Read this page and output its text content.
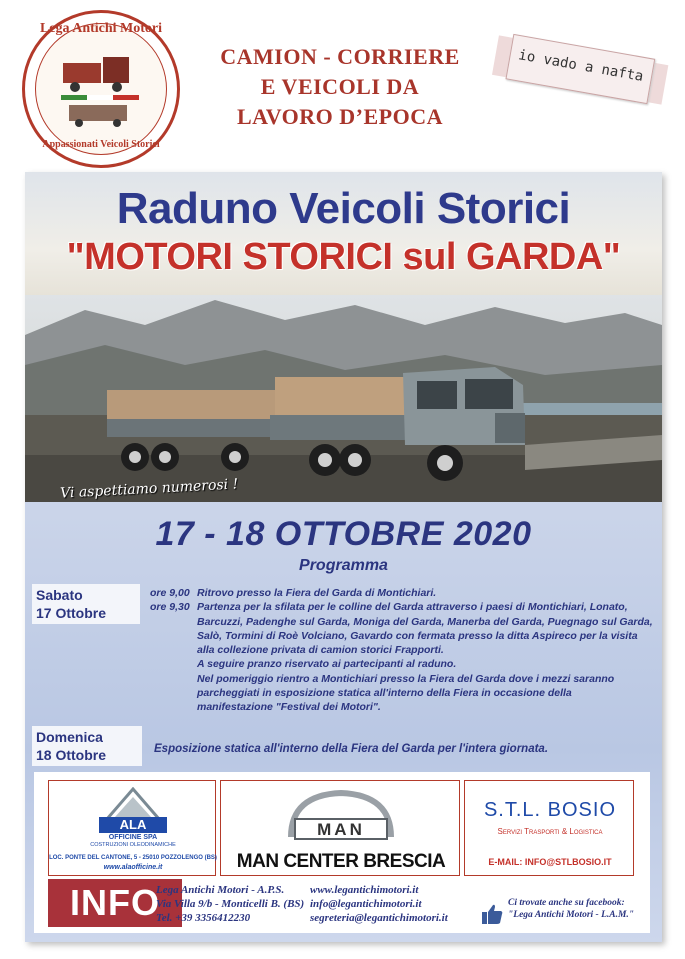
Lega Antichi Motori
Appassionati Veicoli Storici
CAMION - CORRIERE
E VEICOLI DA
LAVORO D’EPOCA
io vado a nafta
Raduno Veicoli Storici
"MOTORI STORICI sul GARDA"
Vi aspettiamo numerosi !
17 - 18 OTTOBRE 2020
Programma
Sabato
17 Ottobre
ore 9,00
ore 9,30
Ritrovo presso la Fiera del Garda di Montichiari.
Partenza per la sfilata per le colline del Garda attraverso i paesi di Montichiari, Lonato,
Barcuzzi, Padenghe sul Garda, Moniga del Garda, Manerba del Garda, Puegnago sul Garda,
Salò, Tormini di Roè Volciano, Gavardo con fermata presso la ditta Aspireco per la visita
alla collezione privata di camion storici Frapporti.
A seguire pranzo riservato ai partecipanti al raduno.
Nel pomeriggio rientro a Montichiari presso la Fiera del Garda dove i mezzi saranno
parcheggiati in esposizione statica all'interno della Fiera in occasione della
manifestazione "Festival dei Motori".
Domenica
18 Ottobre	Esposizione statica all'interno della Fiera del Garda per l'intera giornata.
ALA
OFFICINE SPA
COSTRUZIONI OLEODINAMICHE
LOC. PONTE DEL CANTONE, 5 - 25010 POZZOLENGO (BS)
www.alaofficine.it
MAN
MAN CENTER BRESCIA
S.T.L. BOSIO
Servizi Trasporti & Logistica
E-MAIL: INFO@STLBOSIO.IT
INFO
Lega Antichi Motori - A.P.S.
Via Villa 9/b - Monticelli B. (BS)
Tel. +39 3356412230
www.legantichimotori.it
info@legantichimotori.it
segreteria@legantichimotori.it
Ci trovate anche su facebook:
"Lega Antichi Motori - L.A.M."
